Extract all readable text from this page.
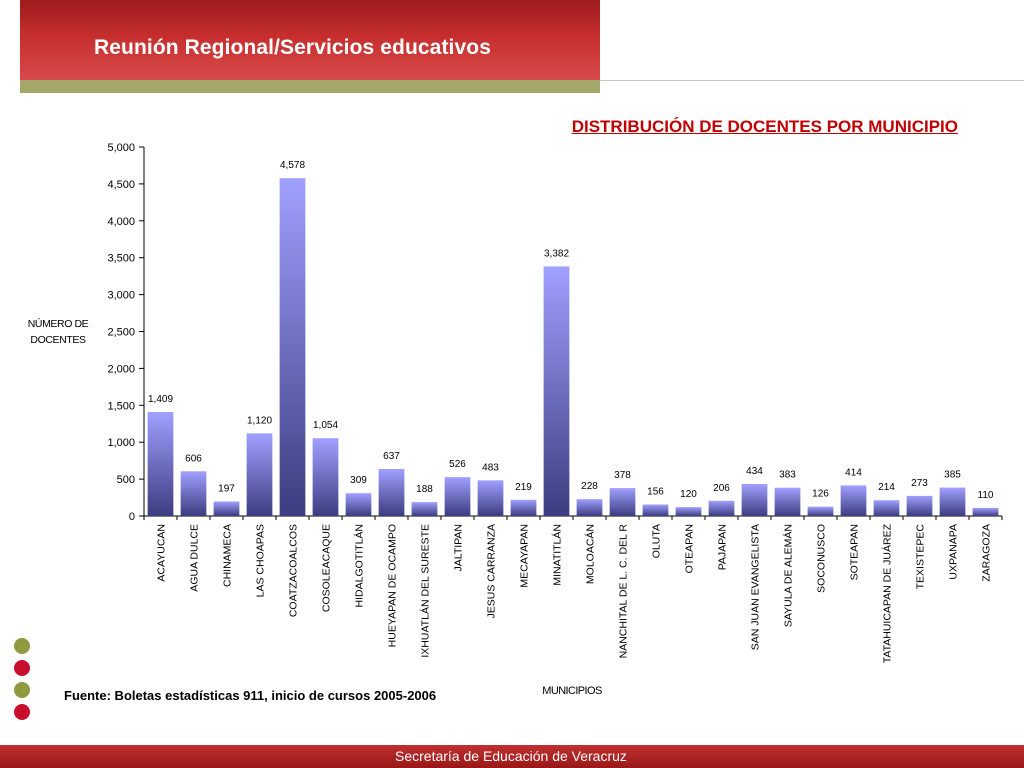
Reunión Regional/Servicios educativos
DISTRIBUCIÓN DE DOCENTES POR MUNICIPIO
0
500
1,000
1,500
2,000
2,500
3,000
3,500
4,000
4,500
5,000
1,409
ACAYUCAN
606
AGUA DULCE
197
CHINAMECA
1,120
LAS CHOAPAS
4,578
COATZACOALCOS
1,054
COSOLEACAQUE
309
HIDALGOTITLÁN
637
HUEYAPAN DE OCAMPO
188
IXHUATLÁN DEL SURESTE
526
JALTIPAN
483
JESUS CARRANZA
219
MECAYAPAN
3,382
MINATITLÁN
228
MOLOACÁN
378
NANCHITAL DE L. C. DEL R
156
OLUTA
120
OTEAPAN
206
PAJAPAN
434
SAN JUAN EVANGELISTA
383
SAYULA DE ALEMÁN
126
SOCONUSCO
414
SOTEAPAN
214
TATAHUICAPAN DE JUÁREZ
273
TEXISTEPEC
385
UXPANAPA
110
ZARAGOZA
NÚMERO DE
DOCENTES
MUNICIPIOS
Fuente: Boletas estadísticas 911, inicio de cursos 2005-2006
Secretaría de Educación de Veracruz
